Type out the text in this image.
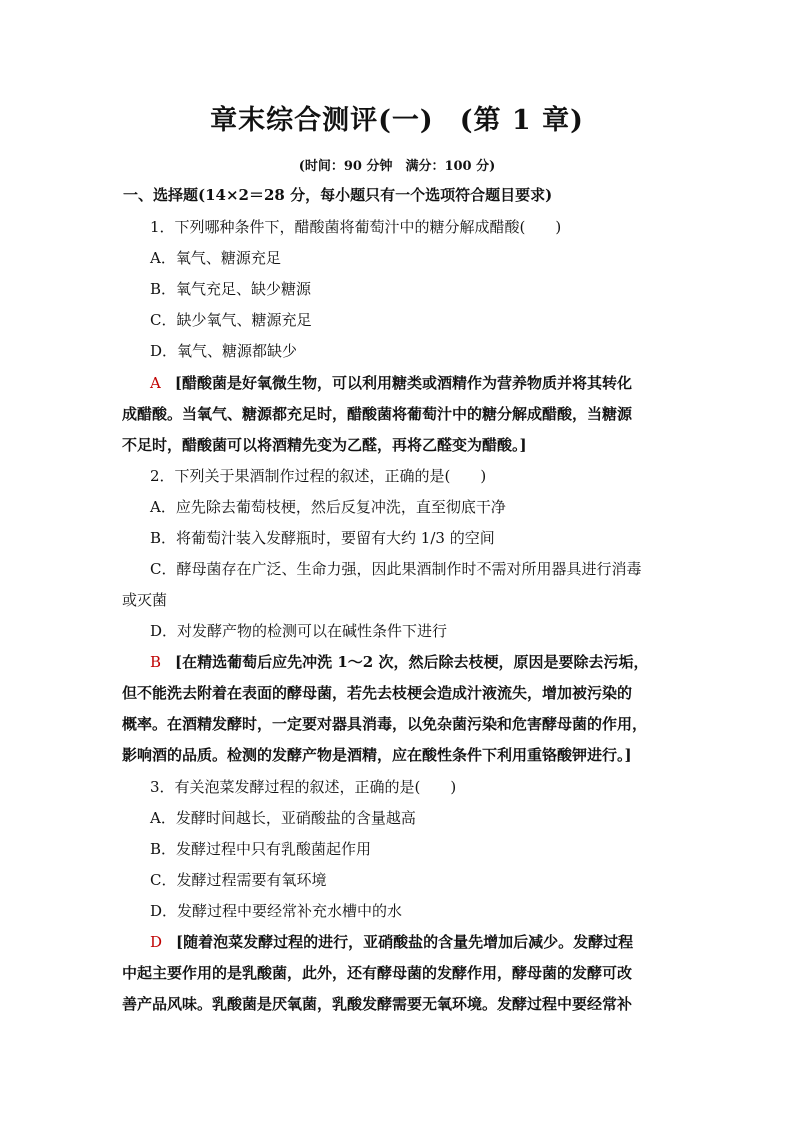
章末综合测评(一) (第 1 章)
(时间：90 分钟　满分：100 分)
一、选择题(14×2＝28 分，每小题只有一个选项符合题目要求)
1．下列哪种条件下，醋酸菌将葡萄汁中的糖分解成醋酸(　　)
A．氧气、糖源充足
B．氧气充足、缺少糖源
C．缺少氧气、糖源充足
D．氧气、糖源都缺少
A [醋酸菌是好氧微生物，可以利用糖类或酒精作为营养物质并将其转化
成醋酸。当氧气、糖源都充足时，醋酸菌将葡萄汁中的糖分解成醋酸，当糖源
不足时，醋酸菌可以将酒精先变为乙醛，再将乙醛变为醋酸。]
2．下列关于果酒制作过程的叙述，正确的是(　　)
A．应先除去葡萄枝梗，然后反复冲洗，直至彻底干净
B．将葡萄汁装入发酵瓶时，要留有大约 1/3 的空间
C．酵母菌存在广泛、生命力强，因此果酒制作时不需对所用器具进行消毒
或灭菌
D．对发酵产物的检测可以在碱性条件下进行
B [在精选葡萄后应先冲洗 1～2 次，然后除去枝梗，原因是要除去污垢，
但不能洗去附着在表面的酵母菌，若先去枝梗会造成汁液流失，增加被污染的
概率。在酒精发酵时，一定要对器具消毒，以免杂菌污染和危害酵母菌的作用，
影响酒的品质。检测的发酵产物是酒精，应在酸性条件下利用重铬酸钾进行。]
3．有关泡菜发酵过程的叙述，正确的是(　　)
A．发酵时间越长，亚硝酸盐的含量越高
B．发酵过程中只有乳酸菌起作用
C．发酵过程需要有氧环境
D．发酵过程中要经常补充水槽中的水
D [随着泡菜发酵过程的进行，亚硝酸盐的含量先增加后减少。发酵过程
中起主要作用的是乳酸菌，此外，还有酵母菌的发酵作用，酵母菌的发酵可改
善产品风味。乳酸菌是厌氧菌，乳酸发酵需要无氧环境。发酵过程中要经常补
